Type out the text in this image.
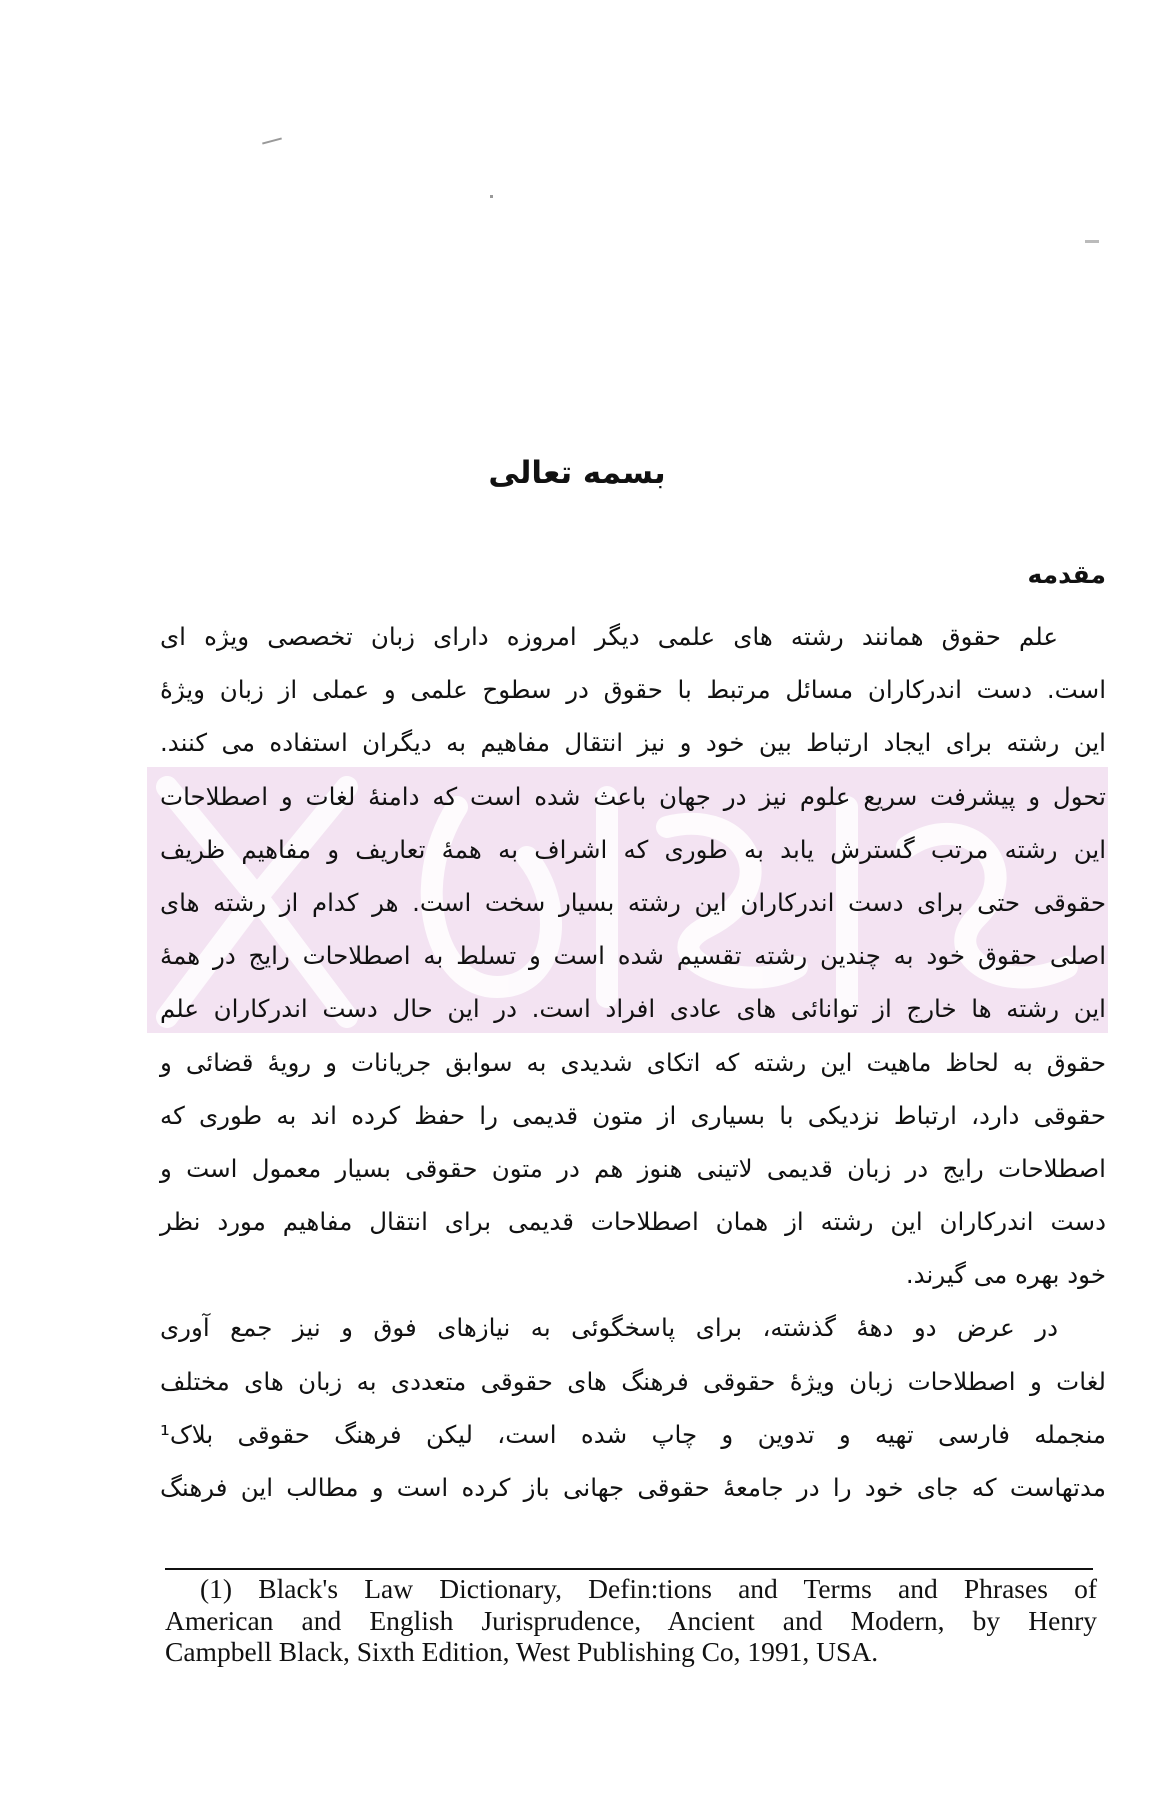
بسمه تعالی
مقدمه
علم حقوق همانند رشته های علمی دیگر امروزه دارای زبان تخصصی ویژه ای
است. دست اندرکاران مسائل مرتبط با حقوق در سطوح علمی و عملی از زبان ویژهٔ
این رشته برای ایجاد ارتباط بین خود و نیز انتقال مفاهیم به دیگران استفاده می کنند.
تحول و پیشرفت سریع علوم نیز در جهان باعث شده است که دامنهٔ لغات و اصطلاحات
این رشته مرتب گسترش یابد به طوری که اشراف به همهٔ تعاریف و مفاهیم ظریف
حقوقی حتی برای دست اندرکاران این رشته بسیار سخت است. هر کدام از رشته های
اصلی حقوق خود به چندین رشته تقسیم شده است و تسلط به اصطلاحات رایج در همهٔ
این رشته ها خارج از توانائی های عادی افراد است. در این حال دست اندرکاران علم
حقوق به لحاظ ماهیت این رشته که اتکای شدیدی به سوابق جریانات و رویهٔ قضائی و
حقوقی دارد، ارتباط نزدیکی با بسیاری از متون قدیمی را حفظ کرده اند به طوری که
اصطلاحات رایج در زبان قدیمی لاتینی هنوز هم در متون حقوقی بسیار معمول است و
دست اندرکاران این رشته از همان اصطلاحات قدیمی برای انتقال مفاهیم مورد نظر
خود بهره می گیرند.
در عرض دو دههٔ گذشته، برای پاسخگوئی به نیازهای فوق و نیز جمع آوری
لغات و اصطلاحات زبان ویژهٔ حقوقی فرهنگ های حقوقی متعددی به زبان های مختلف
منجمله فارسی تهیه و تدوین و چاپ شده است، لیکن فرهنگ حقوقی بلاک¹
مدتهاست که جای خود را در جامعهٔ حقوقی جهانی باز کرده است و مطالب این فرهنگ
(1) Black's Law Dictionary, Defin:tions and Terms and Phrases of
American and English Jurisprudence, Ancient and Modern, by Henry
Campbell Black, Sixth Edition, West Publishing Co, 1991, USA.
